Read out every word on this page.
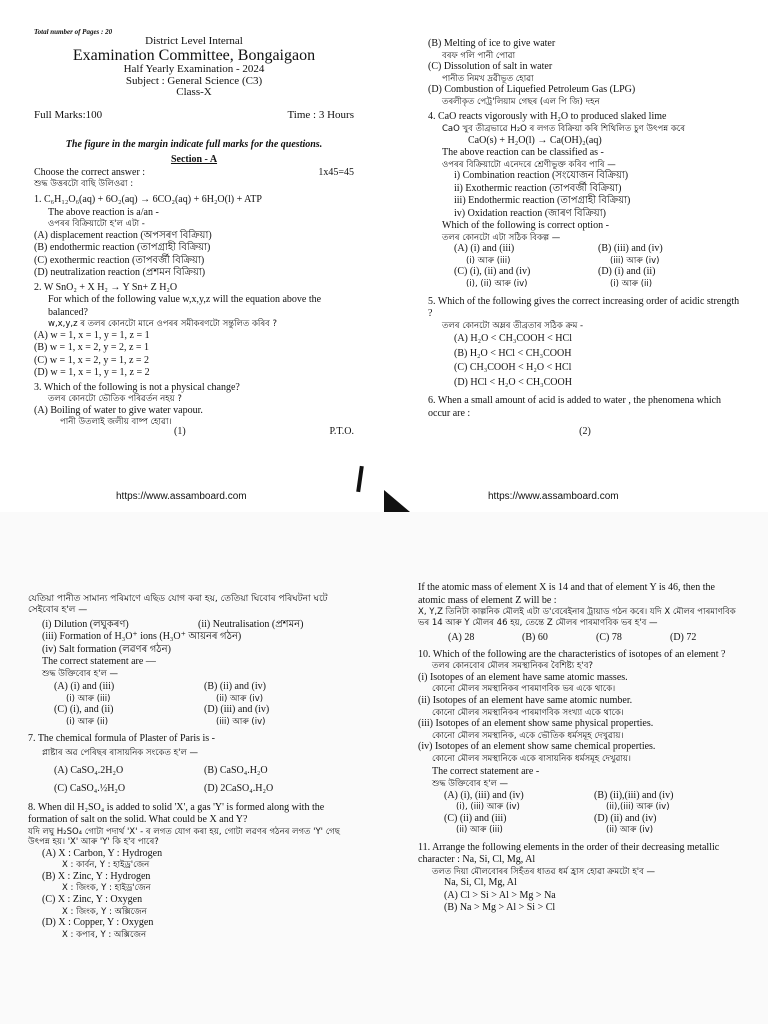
Total number of Pages : 20
District Level Internal
Examination Committee, Bongaigaon
Half Yearly Examination - 2024
Subject : General Science (C3)
Class-X
Full Marks:100	Time : 3 Hours
The figure in the margin indicate full marks for the questions.
Section - A
Choose the correct answer :	1x45=45
শুদ্ধ উত্তৰটো বাছি উলিওৱা :
1. C₆H₁₂O₆(aq) + 6O₂(aq) → 6CO₂(aq) + 6H₂O(l) + ATP
The above reaction is a/an -
ওপৰৰ বিক্ৰিয়াটো হ'ল এটা -
(A) displacement reaction (অপসৰণ বিক্ৰিয়া)
(B) endothermic reaction (তাপগ্ৰাহী বিক্ৰিয়া)
(C) exothermic reaction (তাপবৰ্জী বিক্ৰিয়া)
(D) neutralization reaction (প্ৰশমন বিক্ৰিয়া)
2. W SnO₂ + X H₂ → Y Sn+ Z H₂O
For which of the following value w,x,y,z will the equation above the balanced?
w,x,y,z ৰ তলৰ কোনটো মানে ওপৰৰ সমীকৰণটো সন্তুলিত কৰিব ?
(A) w = 1, x = 1, y = 1, z = 1
(B) w = 1, x = 2, y = 2, z = 1
(C) w = 1, x = 2, y = 1, z = 2
(D) w = 1, x = 1, y = 1, z = 2
3. Which of the following is not a physical change?
তলৰ কোনটো ভৌতিক পৰিৱৰ্তন নহয় ?
(A) Boiling of water to give water vapour.
পানী উতলাই জলীয় বাষ্প হোৱা।
(1)	P.T.O.
https://www.assamboard.com
(B) Melting of ice to give water
বৰফ গলি পানী পোৱা
(C) Dissolution of salt in water
পানীত নিমখ দ্ৰৱীভূত হোৱা
(D) Combustion of Liquefied Petroleum Gas (LPG)
তৰলীকৃত পেট্ৰ'লিয়াম গেছৰ (এল পি জি) দহন
4. CaO reacts vigorously with H₂O to produced slaked lime
CaO খুব তীব্ৰভাৱে H₂O ৰ লগত বিক্ৰিয়া কৰি শিথিলিত চুণ উৎপন্ন কৰে
CaO(s) + H₂O(l) → Ca(OH)₂(aq)
The above reaction can be classified as -
ওপৰৰ বিক্ৰিয়াটো এনেদৰে শ্ৰেণীভুক্ত কৰিব পাৰি —
i) Combination reaction (সংযোজন বিক্ৰিয়া)
ii) Exothermic reaction (তাপবৰ্জী বিক্ৰিয়া)
iii) Endothermic reaction (তাপগ্ৰাহী বিক্ৰিয়া)
iv) Oxidation reaction (জাৰণ বিক্ৰিয়া)
Which of the following is correct option -
তলৰ কোনটো এটা সঠিক বিকল্প —
(A) (i) and (iii)	(B) (iii) and (iv)
(i) আৰু (iii)	(iii) আৰু (iv)
(C) (i), (ii) and (iv)	(D) (i) and (ii)
(i), (ii) আৰু (iv)	(i) আৰু (ii)
5. Which of the following gives the correct increasing order of acidic strength ?
তলৰ কোনটো অম্লৰ তীব্ৰতাৰ সঠিক ক্ৰম -
(A) H₂O < CH₃COOH < HCl
(B) H₂O < HCl < CH₃COOH
(C) CH₃COOH < H₂O < HCl
(D) HCl < H₂O < CH₃COOH
6. When a small amount of acid is added to water , the phenomena which occur are :
(2)
https://www.assamboard.com
যেতিয়া পানীত সামান্য পৰিমাণে এছিড যোগ কৰা হয়, তেতিয়া ঘিবোৰ পৰিঘটনা ঘটে সেইবোৰ হ'ল —
(i) Dilution (লঘুকৰণ)	(ii) Neutralisation (প্ৰশমন)
(iii) Formation of H₃O⁺ ions (H₃O⁺ আয়নৰ গঠন)
(iv) Salt formation (লৱণৰ গঠন)
The correct statement are —
শুদ্ধ উক্তিবোৰ হ'ল —
(A) (i) and (iii)	(B) (ii) and (iv)
(i) আৰু (iii)	(ii) আৰু (iv)
(C) (i), and (ii)	(D) (iii) and (iv)
(i) আৰু (ii)	(iii) আৰু (iv)
7. The chemical formula of Plaster of Paris is -
প্লাষ্টাৰ অৱ পেৰিছৰ ৰাসায়নিক সংকেত হ'ল —
(A) CaSO₄.2H₂O	(B) CaSO₄.H₂O
(C) CaSO₄.½H₂O	(D) 2CaSO₄.H₂O
8. When dil H₂SO₄ is added to solid 'X', a gas 'Y' is formed along with the formation of salt on the solid. What could be X and Y?
যদি লঘু H₂SO₄ গোটা পদাৰ্থ 'X' - ৰ লগত যোগ কৰা হয়, গোটা লৱণৰ গঠনৰ লগত 'Y' গেছ উৎপন্ন হয়। 'X' আৰু 'Y' কি হ'ব পাৰে?
(A) X : Carbon, Y : Hydrogen
X : কাৰ্বন, Y : হাইড্ৰ'জেন
(B) X : Zinc, Y : Hydrogen
X : জিংক, Y : হাইড্ৰ'জেন
(C) X : Zinc, Y : Oxygen
X : জিংক, Y : অক্সিজেন
(D) X : Copper, Y : Oxygen
X : কপাৰ, Y : অক্সিজেন
If the atomic mass of element X is 14 and that of element Y is 46, then the atomic mass of element Z will be :
X, Y,Z তিনিটা কাল্পনিক মৌলই এটা ড'বেৰেইনাৰ ট্ৰায়াড গঠন কৰে। যদি X মৌলৰ পাৰমাণবিক ভৰ 14 আৰু Y মৌলৰ 46 হয়, তেন্তে Z মৌলৰ পাৰমাণবিক ভৰ হ'ব —
(A) 28	(B) 60	(C) 78	(D) 72
10. Which of the following are the characteristics of isotopes of an element ?
তলৰ কোনবোৰ মৌলৰ সমস্থানিকৰ বৈশিষ্ট্য হ'ব?
(i) Isotopes of an element have same atomic masses.
কোনো মৌলৰ সমস্থানিকৰ পাৰমাণবিক ভৰ একে থাকে।
(ii) Isotopes of an element have same atomic number.
কোনো মৌলৰ সমস্থানিকৰ পাৰমাণবিক সংখ্যা একে থাকে।
(iii) Isotopes of an element show same physical properties.
কোনো মৌলৰ সমস্থানিক, একে ভৌতিক ধৰ্মসমূহ দেখুৱায়।
(iv) Isotopes of an element show same chemical properties.
কোনো মৌলৰ সমস্থানিকে একে ৰাসায়নিক ধৰ্মসমূহ দেখুৱায়।
The correct statement are -
শুদ্ধ উক্তিবোৰ হ'ল —
(A) (i), (iii) and (iv)	(B) (ii),(iii) and (iv)
(i), (iii) আৰু (iv)	(ii),(iii) আৰু (iv)
(C) (ii) and (iii)	(D) (ii) and (iv)
(ii) আৰু (iii)	(ii) আৰু (iv)
11. Arrange the following elements in the order of their decreasing metallic character : Na, Si, Cl, Mg, Al
তলত দিয়া মৌলবোৰৰ সিহঁতৰ ধাতৱ ধৰ্ম হ্ৰাস হোৱা ক্ৰমটো হ'ব —
Na, Si, Cl, Mg, Al
(A) Cl > Si > Al > Mg > Na
(B) Na > Mg > Al > Si > Cl
